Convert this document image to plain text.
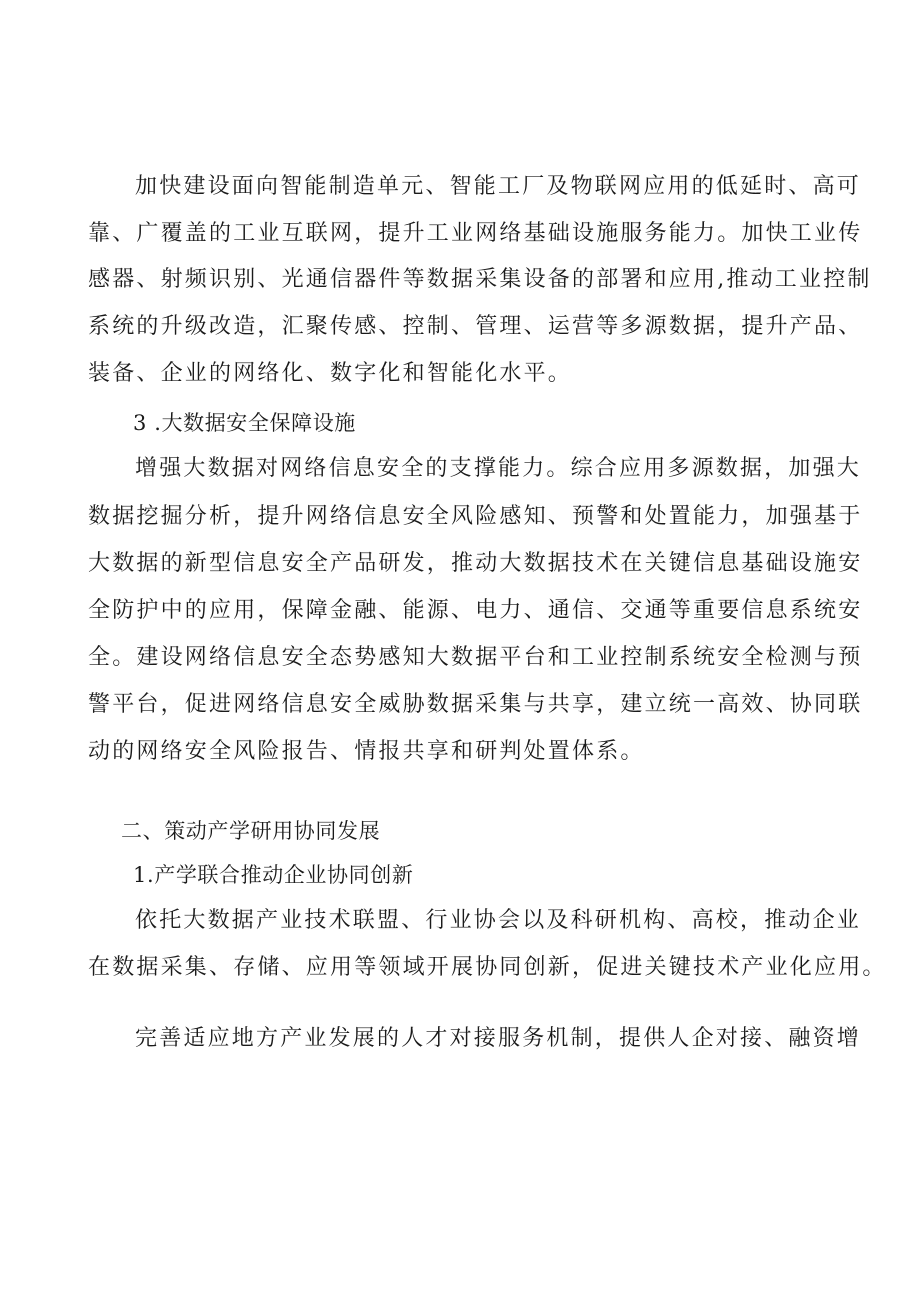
加快建设面向智能制造单元、智能工厂及物联网应用的低延时、高可
靠、广覆盖的工业互联网，提升工业网络基础设施服务能力。加快工业传
感器、射频识别、光通信器件等数据采集设备的部署和应用,推动工业控制
系统的升级改造，汇聚传感、控制、管理、运营等多源数据，提升产品、
装备、企业的网络化、数字化和智能化水平。
3 .大数据安全保障设施
增强大数据对网络信息安全的支撑能力。综合应用多源数据，加强大
数据挖掘分析，提升网络信息安全风险感知、预警和处置能力，加强基于
大数据的新型信息安全产品研发，推动大数据技术在关键信息基础设施安
全防护中的应用，保障金融、能源、电力、通信、交通等重要信息系统安
全。建设网络信息安全态势感知大数据平台和工业控制系统安全检测与预
警平台，促进网络信息安全威胁数据采集与共享，建立统一高效、协同联
动的网络安全风险报告、情报共享和研判处置体系。
二、策动产学研用协同发展
1.产学联合推动企业协同创新
依托大数据产业技术联盟、行业协会以及科研机构、高校，推动企业
在数据采集、存储、应用等领域开展协同创新，促进关键技术产业化应用。
完善适应地方产业发展的人才对接服务机制，提供人企对接、融资增
